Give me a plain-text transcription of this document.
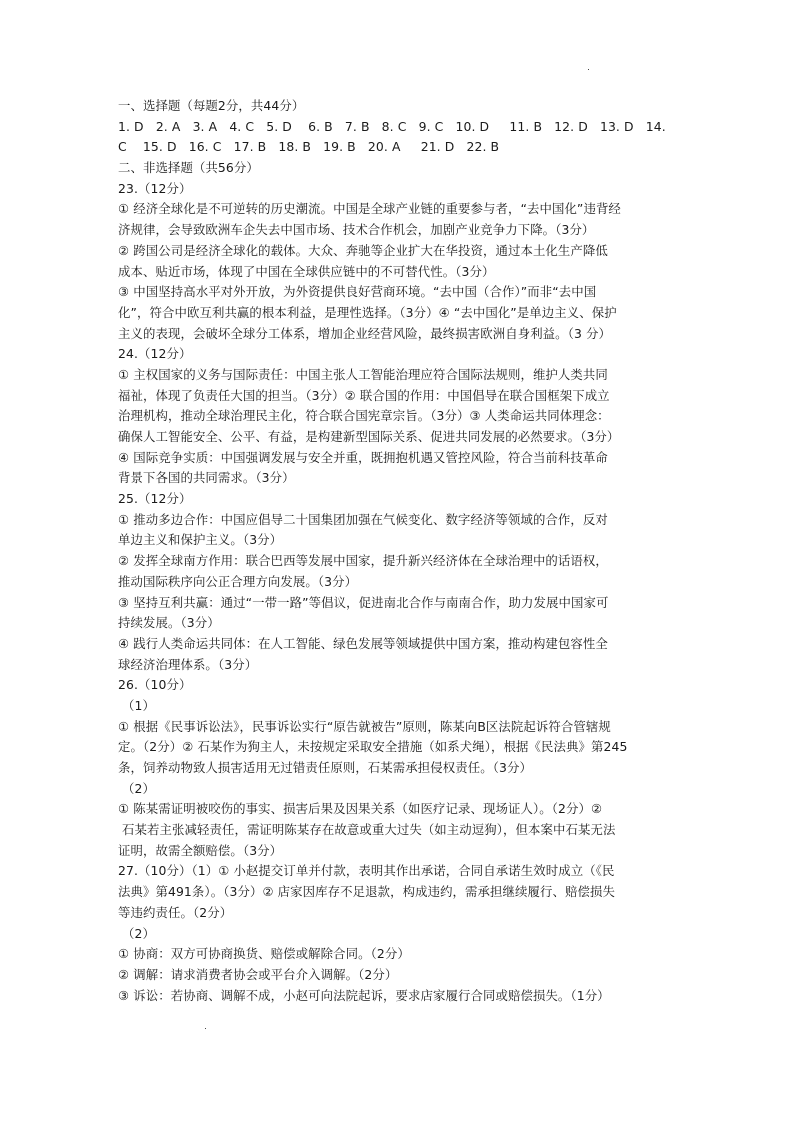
一、选择题（每题2分，共44分）
1. D   2. A   3. A   4. C   5. D    6. B   7. B   8. C   9. C   10. D     11. B   12. D   13. D   14.
C    15. D   16. C   17. B   18. B   19. B   20. A     21. D   22. B
二、非选择题（共56分）
23.（12分）
① 经济全球化是不可逆转的历史潮流。中国是全球产业链的重要参与者，“去中国化”违背经
济规律，会导致欧洲车企失去中国市场、技术合作机会，加剧产业竞争力下降。（3分）
② 跨国公司是经济全球化的载体。大众、奔驰等企业扩大在华投资，通过本土化生产降低
成本、贴近市场，体现了中国在全球供应链中的不可替代性。（3分）
③ 中国坚持高水平对外开放，为外资提供良好营商环境。“去中国（合作）”而非“去中国
化”，符合中欧互利共赢的根本利益，是理性选择。（3分）④ “去中国化”是单边主义、保护
主义的表现，会破坏全球分工体系，增加企业经营风险，最终损害欧洲自身利益。（3 分）
24.（12分）
① 主权国家的义务与国际责任：中国主张人工智能治理应符合国际法规则，维护人类共同
福祉，体现了负责任大国的担当。（3分）② 联合国的作用：中国倡导在联合国框架下成立
治理机构，推动全球治理民主化，符合联合国宪章宗旨。（3分）③ 人类命运共同体理念：
确保人工智能安全、公平、有益，是构建新型国际关系、促进共同发展的必然要求。（3分）
④ 国际竞争实质：中国强调发展与安全并重，既拥抱机遇又管控风险，符合当前科技革命
背景下各国的共同需求。（3分）
25.（12分）
① 推动多边合作：中国应倡导二十国集团加强在气候变化、数字经济等领域的合作，反对
单边主义和保护主义。（3分）
② 发挥全球南方作用：联合巴西等发展中国家，提升新兴经济体在全球治理中的话语权，
推动国际秩序向公正合理方向发展。（3分）
③ 坚持互利共赢：通过“一带一路”等倡议，促进南北合作与南南合作，助力发展中国家可
持续发展。（3分）
④ 践行人类命运共同体：在人工智能、绿色发展等领域提供中国方案，推动构建包容性全
球经济治理体系。（3分）
26.（10分）
（1）
① 根据《民事诉讼法》，民事诉讼实行“原告就被告”原则，陈某向B区法院起诉符合管辖规
定。（2分）② 石某作为狗主人，未按规定采取安全措施（如系犬绳），根据《民法典》第245
条，饲养动物致人损害适用无过错责任原则，石某需承担侵权责任。（3分）
（2）
① 陈某需证明被咬伤的事实、损害后果及因果关系（如医疗记录、现场证人）。（2分）②
石某若主张减轻责任，需证明陈某存在故意或重大过失（如主动逗狗），但本案中石某无法
证明，故需全额赔偿。（3分）
27.（10分）（1）① 小赵提交订单并付款，表明其作出承诺，合同自承诺生效时成立（《民
法典》第491条）。（3分）② 店家因库存不足退款，构成违约，需承担继续履行、赔偿损失
等违约责任。（2分）
（2）
① 协商：双方可协商换货、赔偿或解除合同。（2分）
② 调解：请求消费者协会或平台介入调解。（2分）
③ 诉讼：若协商、调解不成，小赵可向法院起诉，要求店家履行合同或赔偿损失。（1分）
